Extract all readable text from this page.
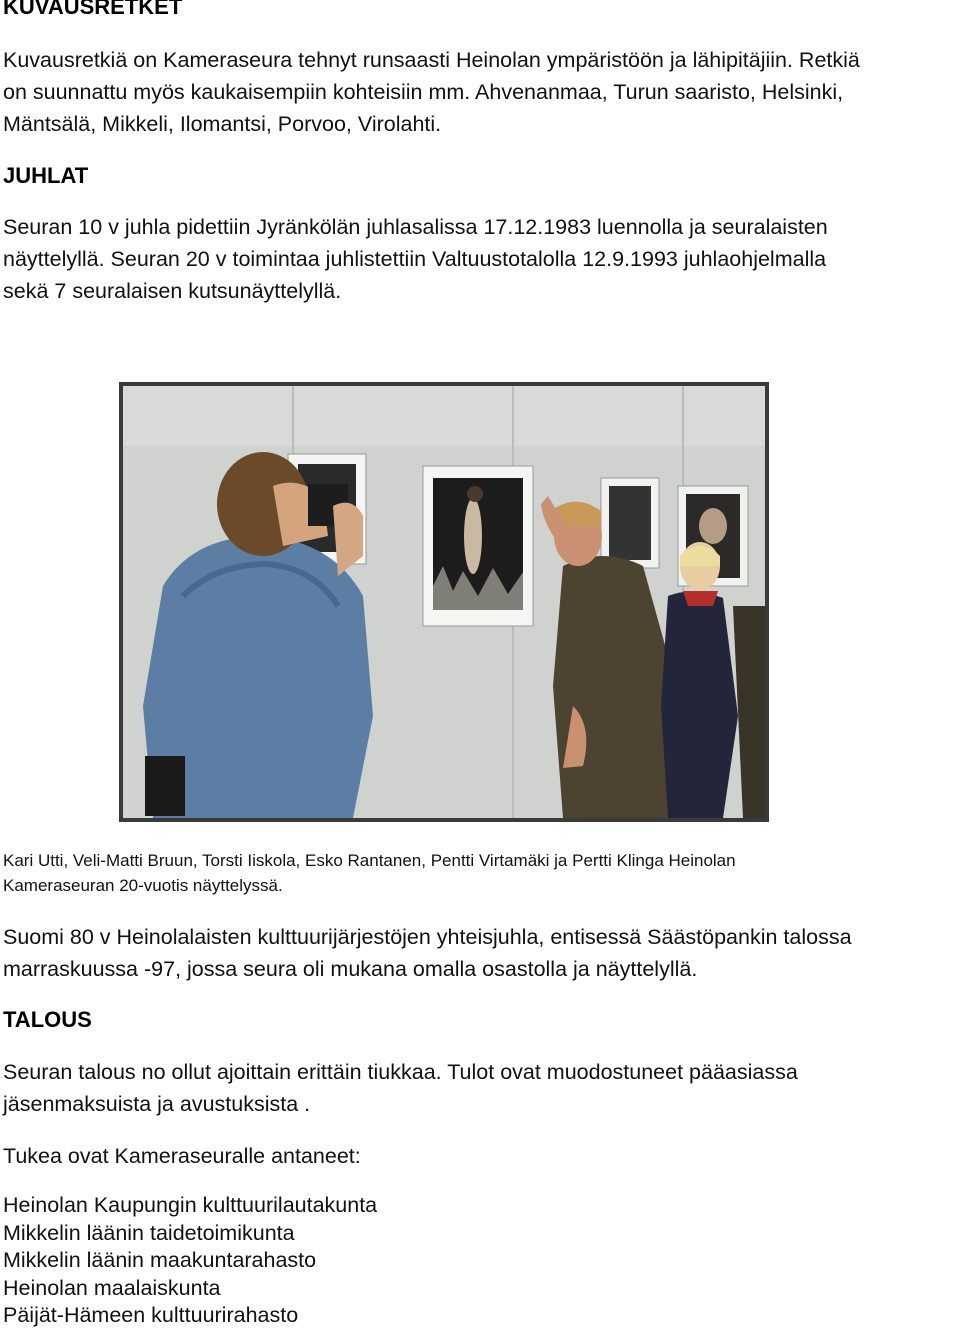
KUVAUSRETKET
Kuvausretkiä on Kameraseura tehnyt runsaasti Heinolan ympäristöön ja lähipitäjiin. Retkiä
on suunnattu myös kaukaisempiin kohteisiin mm. Ahvenanmaa, Turun saaristo, Helsinki,
Mäntsälä, Mikkeli, Ilomantsi, Porvoo, Virolahti.
JUHLAT
Seuran 10 v juhla pidettiin Jyränkölän juhlasalissa 17.12.1983 luennolla ja seuralaisten
näyttelyllä. Seuran 20 v toimintaa juhlistettiin Valtuustotalolla 12.9.1993 juhlaohjelmalla
sekä 7 seuralaisen kutsunäyttelyllä.
Kari Utti, Veli-Matti Bruun, Torsti Iiskola, Esko Rantanen, Pentti Virtamäki ja Pertti Klinga Heinolan
Kameraseuran 20-vuotis näyttelyssä.
Suomi 80 v Heinolalaisten kulttuurijärjestöjen yhteisjuhla, entisessä Säästöpankin talossa
marraskuussa -97, jossa seura oli mukana omalla osastolla ja näyttelyllä.
TALOUS
Seuran talous no ollut ajoittain erittäin tiukkaa. Tulot ovat muodostuneet pääasiassa
jäsenmaksuista ja avustuksista .
Tukea ovat Kameraseuralle antaneet:
Heinolan Kaupungin kulttuurilautakunta
Mikkelin läänin taidetoimikunta
Mikkelin läänin maakuntarahasto
Heinolan maalaiskunta
Päijät-Hämeen kulttuurirahasto
